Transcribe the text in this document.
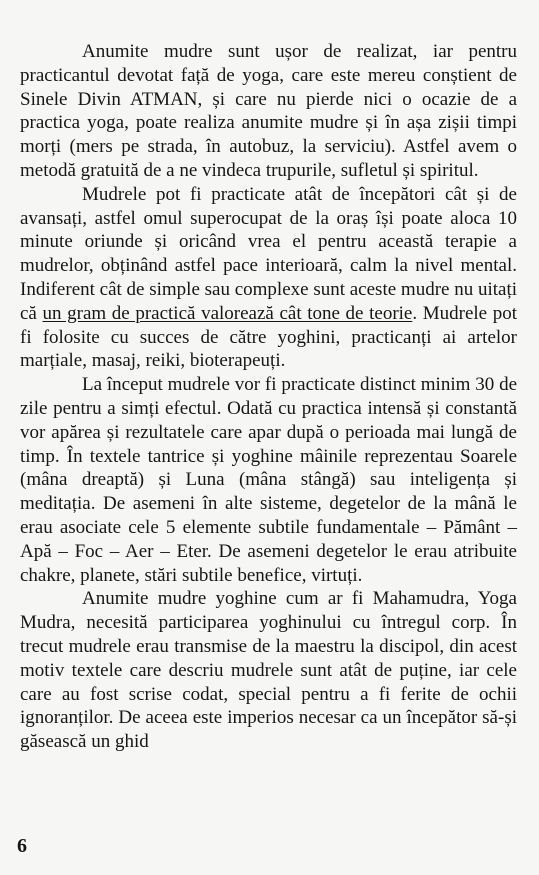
Anumite mudre sunt ușor de realizat, iar pentru practicantul devotat față de yoga, care este mereu conștient de Sinele Divin ATMAN, și care nu pierde nici o ocazie de a practica yoga, poate realiza anumite mudre și în așa zișii timpi morți (mers pe strada, în autobuz, la serviciu). Astfel avem o metodă gratuită de a ne vindeca trupurile, sufletul și spiritul.

Mudrele pot fi practicate atât de începători cât și de avansați, astfel omul superocupat de la oraș își poate aloca 10 minute oriunde și oricând vrea el pentru această terapie a mudrelor, obținând astfel pace interioară, calm la nivel mental. Indiferent cât de simple sau complexe sunt aceste mudre nu uitați că un gram de practică valorează cât tone de teorie. Mudrele pot fi folosite cu succes de către yoghini, practicanți ai artelor marțiale, masaj, reiki, bioterapeuți.

La început mudrele vor fi practicate distinct minim 30 de zile pentru a simți efectul. Odată cu practica intensă și constantă vor apărea și rezultatele care apar după o perioada mai lungă de timp. În textele tantrice și yoghine mâinile reprezentau Soarele (mâna dreaptă) și Luna (mâna stângă) sau inteligența și meditația. De asemeni în alte sisteme, degetelor de la mână le erau asociate cele 5 elemente subtile fundamentale – Pământ – Apă – Foc – Aer – Eter. De asemeni degetelor le erau atribuite chakre, planete, stări subtile benefice, virtuți.

Anumite mudre yoghine cum ar fi Mahamudra, Yoga Mudra, necesită participarea yoghinului cu întregul corp. În trecut mudrele erau transmise de la maestru la discipol, din acest motiv textele care descriu mudrele sunt atât de puține, iar cele care au fost scrise codat, special pentru a fi ferite de ochii ignoranților. De aceea este imperios necesar ca un începător să-și găsească un ghid

6
